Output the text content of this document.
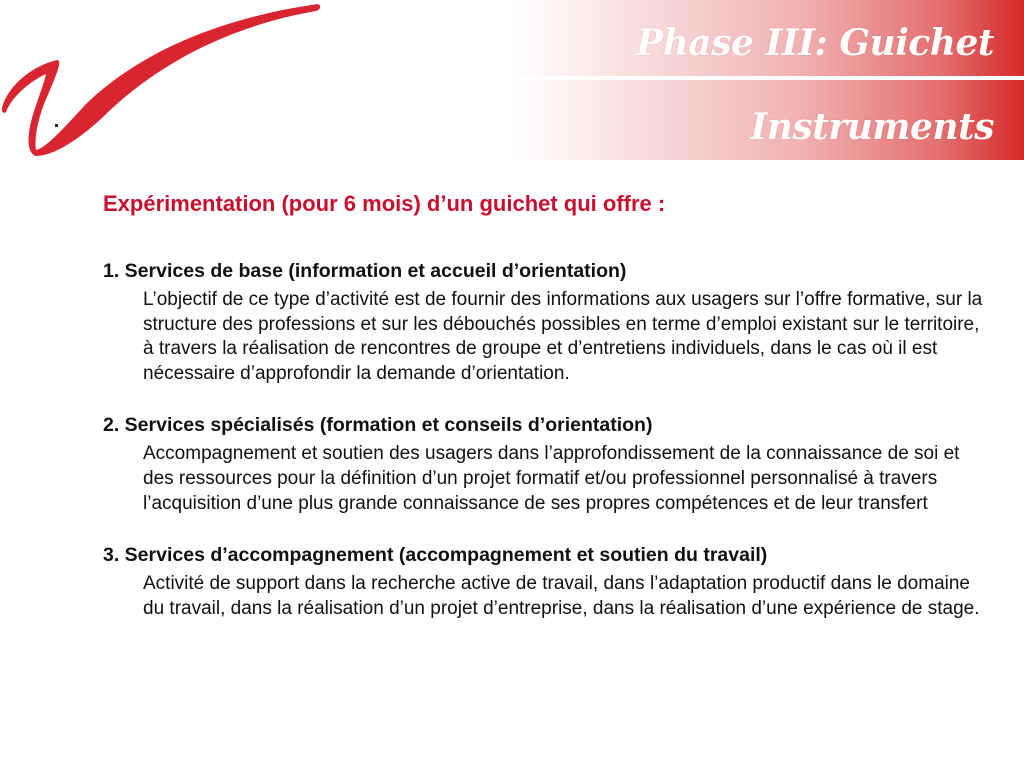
Phase III: Guichet
Instruments

Expérimentation (pour 6 mois) d’un guichet qui offre :

1. Services de base (information et accueil d’orientation)

L’objectif de ce type d’activité est de fournir des informations aux usagers sur l’offre formative, sur la structure des professions et sur les débouchés possibles en terme d’emploi existant sur le territoire, à travers la réalisation de rencontres de groupe et d’entretiens individuels, dans le cas où il est nécessaire d’approfondir la demande d’orientation.

2. Services spécialisés (formation et conseils d’orientation)

Accompagnement et soutien des usagers dans l’approfondissement de la connaissance de soi et des ressources pour la définition d’un projet formatif et/ou professionnel personnalisé à travers l’acquisition d’une plus grande connaissance de ses propres compétences et de leur transfert

3. Services d’accompagnement (accompagnement et soutien du travail)

Activité de support dans la recherche active de travail, dans l’adaptation productif dans le domaine du travail, dans la réalisation d’un projet d’entreprise, dans la réalisation d’une expérience de stage.
